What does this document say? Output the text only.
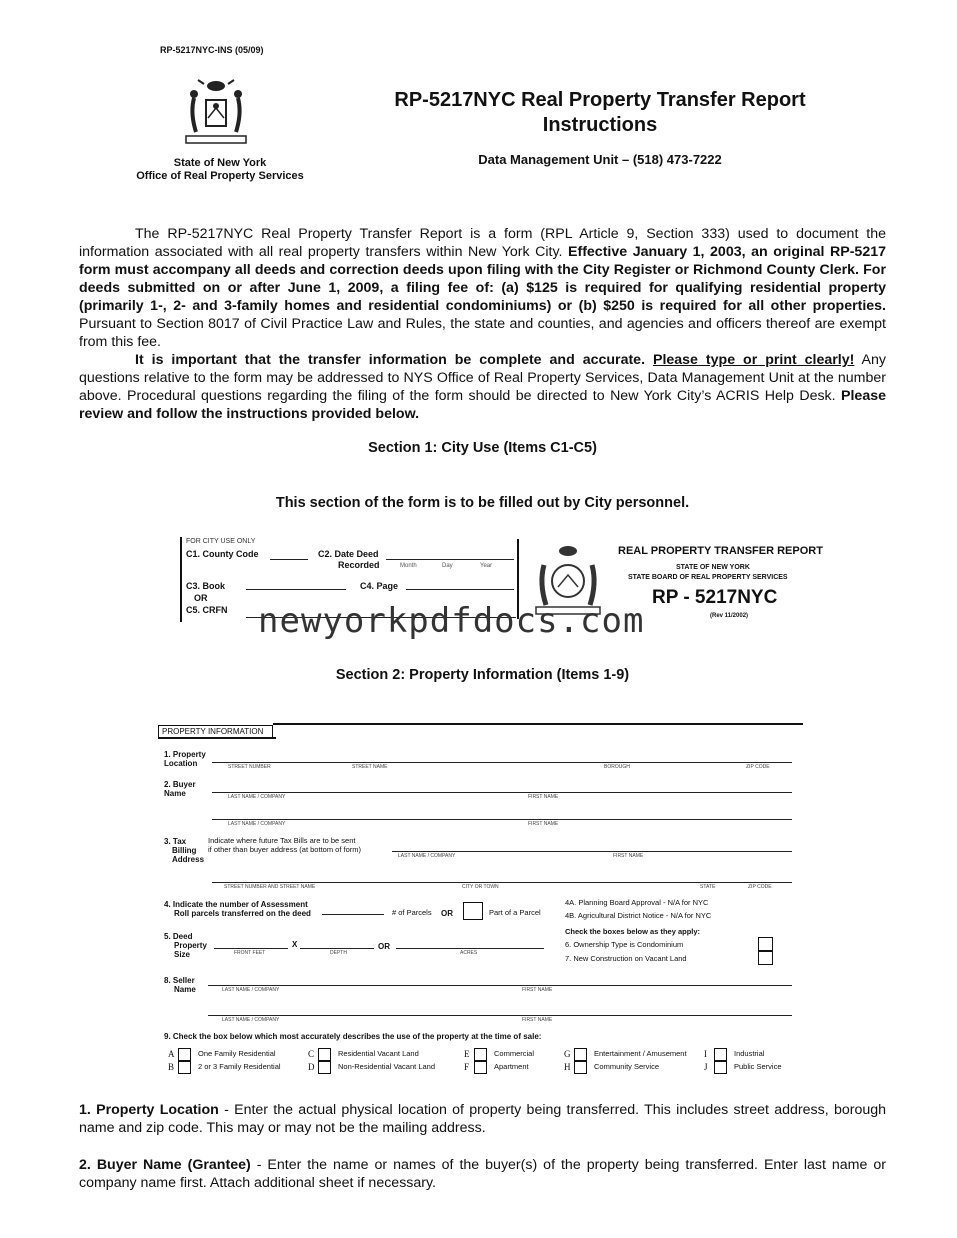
RP-5217NYC-INS (05/09)
State of New York
Office of Real Property Services
RP-5217NYC Real Property Transfer Report
Instructions
Data Management Unit – (518) 473-7222
The RP-5217NYC Real Property Transfer Report is a form (RPL Article 9, Section 333) used to document the information associated with all real property transfers within New York City. Effective January 1, 2003, an original RP-5217 form must accompany all deeds and correction deeds upon filing with the City Register or Richmond County Clerk. For deeds submitted on or after June 1, 2009, a filing fee of: (a) $125 is required for qualifying residential property (primarily 1-, 2- and 3-family homes and residential condominiums) or (b) $250 is required for all other properties. Pursuant to Section 8017 of Civil Practice Law and Rules, the state and counties, and agencies and officers thereof are exempt from this fee.
It is important that the transfer information be complete and accurate. Please type or print clearly! Any questions relative to the form may be addressed to NYS Office of Real Property Services, Data Management Unit at the number above. Procedural questions regarding the filing of the form should be directed to New York City’s ACRIS Help Desk. Please review and follow the instructions provided below.
Section 1: City Use (Items C1-C5)
This section of the form is to be filled out by City personnel.
FOR CITY USE ONLY
C1. County Code	C2. Date Deed
Recorded	Month	Day	Year
C3. Book
OR
C4. Page
C5. CRFN
REAL PROPERTY TRANSFER REPORT
STATE OF NEW YORK
STATE BOARD OF REAL PROPERTY SERVICES
RP - 5217NYC
(Rev 11/2002)
newyorkpdfdocs.com
Section 2: Property Information (Items 1-9)
PROPERTY INFORMATION
1. Property
Location	STREET NUMBER	STREET NAME	BOROUGH	ZIP CODE
2. Buyer
Name	LAST NAME / COMPANY	FIRST NAME
LAST NAME / COMPANY	FIRST NAME
3. Tax
Billing
Address
Indicate where future Tax Bills are to be sent
if other than buyer address (at bottom of form)
LAST NAME / COMPANY	FIRST NAME
STREET NUMBER AND STREET NAME	CITY OR TOWN	STATE	ZIP CODE
4. Indicate the number of Assessment
Roll parcels transferred on the deed	# of Parcels OR	Part of a Parcel
4A. Planning Board Approval - N/A for NYC
4B. Agricultural District Notice - N/A for NYC
Check the boxes below as they apply:
6. Ownership Type is Condominium
7. New Construction on Vacant Land
5. Deed
Property
Size	FRONT FEET
X
DEPTH
OR
ACRES
8. Seller
Name	LAST NAME / COMPANY	FIRST NAME
LAST NAME / COMPANY	FIRST NAME
9. Check the box below which most accurately describes the use of the property at the time of sale:
A	One Family Residential
B	2 or 3 Family Residential
C	Residential Vacant Land
D	Non-Residential Vacant Land
E	Commercial
F	Apartment
G	Entertainment / Amusement
H	Community Service
I	Industrial
J	Public Service
1. Property Location - Enter the actual physical location of property being transferred. This includes street address, borough name and zip code. This may or may not be the mailing address.
2. Buyer Name (Grantee) - Enter the name or names of the buyer(s) of the property being transferred. Enter last name or company name first. Attach additional sheet if necessary.
